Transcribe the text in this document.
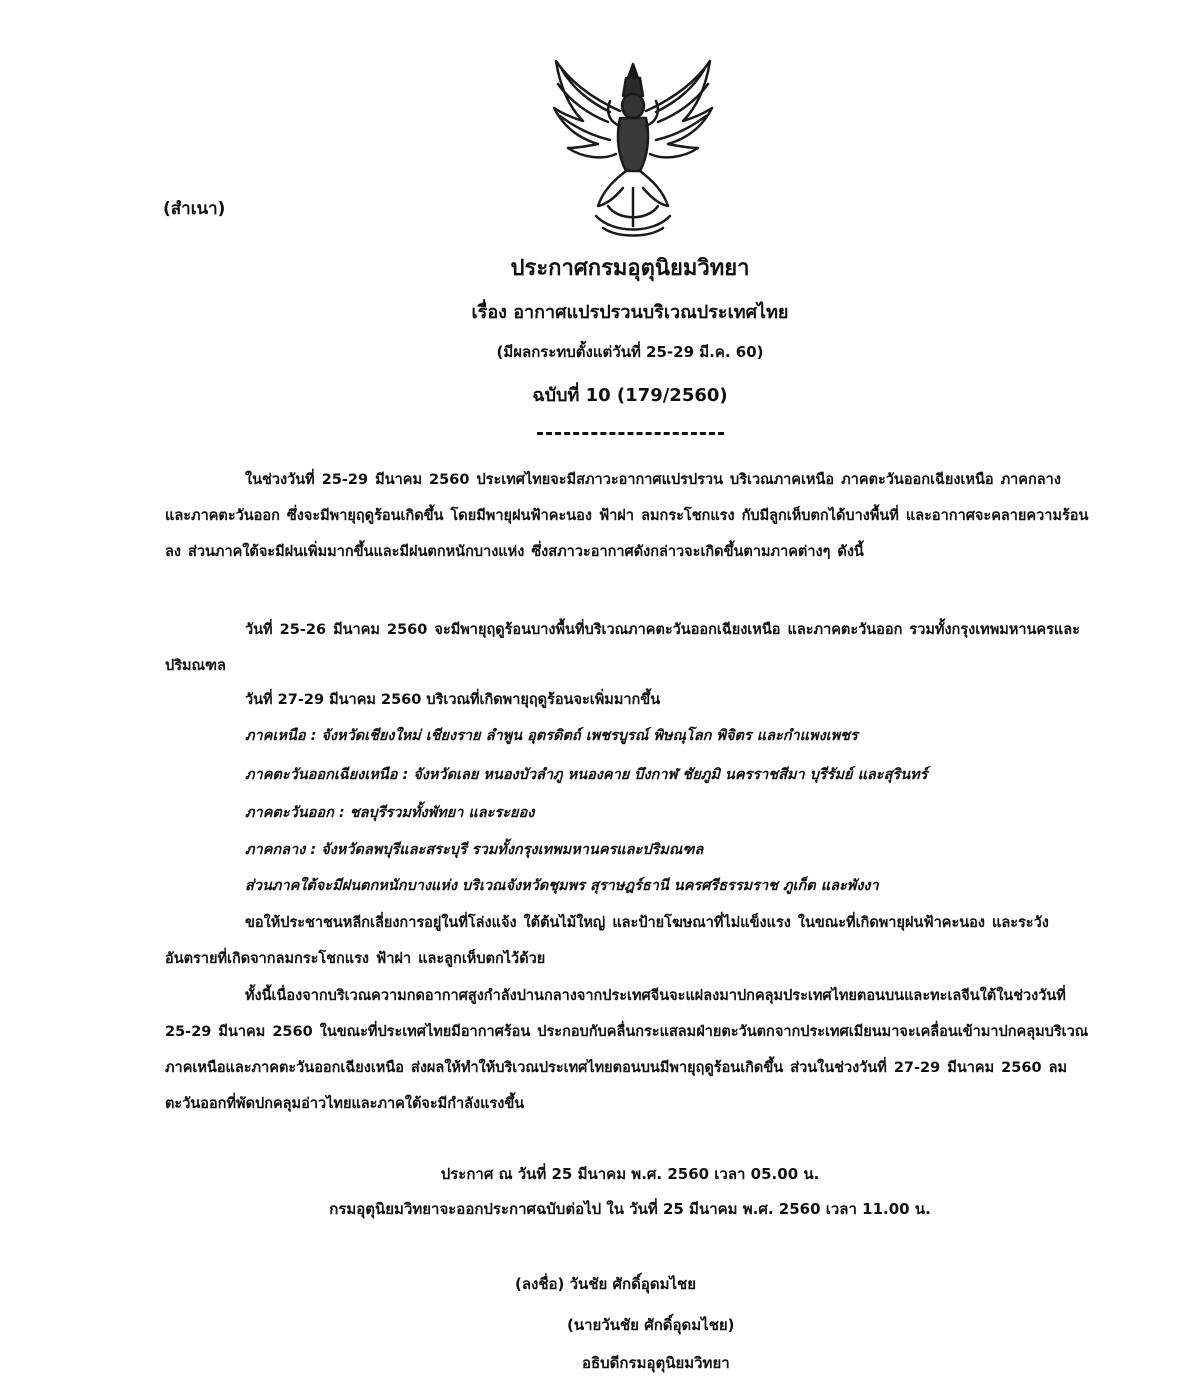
(สำเนา)
ประกาศกรมอุตุนิยมวิทยา
เรื่อง อากาศแปรปรวนบริเวณประเทศไทย
(มีผลกระทบตั้งแต่วันที่ 25-29 มี.ค. 60)
ฉบับที่ 10 (179/2560)
ในช่วงวันที่ 25-29 มีนาคม 2560 ประเทศไทยจะมีสภาวะอากาศแปรปรวน บริเวณภาคเหนือ ภาคตะวันออกเฉียงเหนือ ภาคกลาง และภาคตะวันออก ซึ่งจะมีพายุฤดูร้อนเกิดขึ้น โดยมีพายุฝนฟ้าคะนอง ฟ้าผ่า ลมกระโชกแรง กับมีลูกเห็บตกได้บางพื้นที่ และอากาศจะคลายความร้อนลง ส่วนภาคใต้จะมีฝนเพิ่มมากขึ้นและมีฝนตกหนักบางแห่ง ซึ่งสภาวะอากาศดังกล่าวจะเกิดขึ้นตามภาคต่างๆ ดังนี้
วันที่ 25-26 มีนาคม 2560 จะมีพายุฤดูร้อนบางพื้นที่บริเวณภาคตะวันออกเฉียงเหนือ และภาคตะวันออก รวมทั้งกรุงเทพมหานครและปริมณฑล
วันที่ 27-29 มีนาคม 2560 บริเวณที่เกิดพายุฤดูร้อนจะเพิ่มมากขึ้น
ภาคเหนือ : จังหวัดเชียงใหม่ เชียงราย ลำพูน อุตรดิตถ์ เพชรบูรณ์ พิษณุโลก พิจิตร และกำแพงเพชร
ภาคตะวันออกเฉียงเหนือ : จังหวัดเลย หนองบัวลำภู หนองคาย บึงกาฬ ชัยภูมิ นครราชสีมา บุรีรัมย์ และสุรินทร์
ภาคตะวันออก : ชลบุรีรวมทั้งพัทยา และระยอง
ภาคกลาง : จังหวัดลพบุรีและสระบุรี รวมทั้งกรุงเทพมหานครและปริมณฑล
ส่วนภาคใต้จะมีฝนตกหนักบางแห่ง บริเวณจังหวัดชุมพร สุราษฎร์ธานี นครศรีธรรมราช ภูเก็ต และพังงา
ขอให้ประชาชนหลีกเลี่ยงการอยู่ในที่โล่งแจ้ง ใต้ต้นไม้ใหญ่ และป้ายโฆษณาที่ไม่แข็งแรง ในขณะที่เกิดพายุฝนฟ้าคะนอง และระวังอันตรายที่เกิดจากลมกระโชกแรง ฟ้าผ่า และลูกเห็บตกไว้ด้วย
ทั้งนี้เนื่องจากบริเวณความกดอากาศสูงกำลังปานกลางจากประเทศจีนจะแผ่ลงมาปกคลุมประเทศไทยตอนบนและทะเลจีนใต้ในช่วงวันที่ 25-29 มีนาคม 2560 ในขณะที่ประเทศไทยมีอากาศร้อน ประกอบกับคลื่นกระแสลมฝ่ายตะวันตกจากประเทศเมียนมาจะเคลื่อนเข้ามาปกคลุมบริเวณภาคเหนือและภาคตะวันออกเฉียงเหนือ ส่งผลให้ทำให้บริเวณประเทศไทยตอนบนมีพายุฤดูร้อนเกิดขึ้น ส่วนในช่วงวันที่ 27-29 มีนาคม 2560 ลมตะวันออกที่พัดปกคลุมอ่าวไทยและภาคใต้จะมีกำลังแรงขึ้น
ประกาศ ณ วันที่ 25 มีนาคม พ.ศ. 2560 เวลา 05.00 น.
กรมอุตุนิยมวิทยาจะออกประกาศฉบับต่อไป ใน วันที่ 25 มีนาคม พ.ศ. 2560 เวลา 11.00 น.
(ลงชื่อ) วันชัย ศักดิ์อุดมไชย
(นายวันชัย ศักดิ์อุดมไชย)
อธิบดีกรมอุตุนิยมวิทยา
